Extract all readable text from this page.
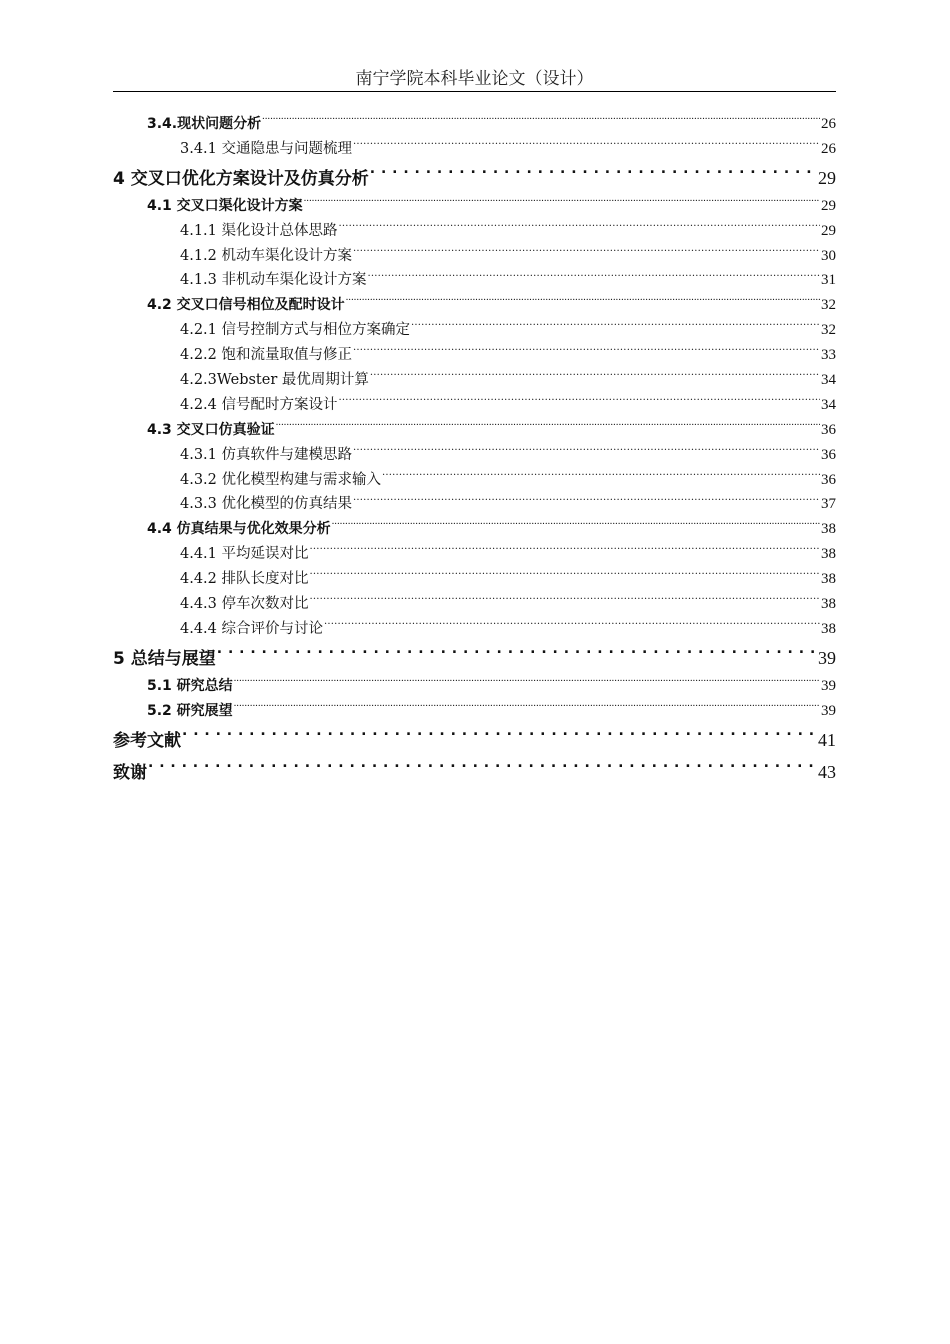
南宁学院本科毕业论文（设计）
3.4.现状问题分析 .....	26
3.4.1 交通隐患与问题梳理 .....	26
4 交叉口优化方案设计及仿真分析 . . .	29
4.1 交叉口渠化设计方案 .....	29
4.1.1 渠化设计总体思路 .....	29
4.1.2 机动车渠化设计方案 .....	30
4.1.3 非机动车渠化设计方案 .....	31
4.2 交叉口信号相位及配时设计 .....	32
4.2.1 信号控制方式与相位方案确定 .....	32
4.2.2 饱和流量取值与修正 .....	33
4.2.3Webster 最优周期计算 .....	34
4.2.4 信号配时方案设计 .....	34
4.3 交叉口仿真验证 .....	36
4.3.1 仿真软件与建模思路 .....	36
4.3.2 优化模型构建与需求输入 .....	36
4.3.3 优化模型的仿真结果 .....	37
4.4 仿真结果与优化效果分析 .....	38
4.4.1 平均延误对比 .....	38
4.4.2 排队长度对比 .....	38
4.4.3 停车次数对比 .....	38
4.4.4 综合评价与讨论 .....	38
5 总结与展望 . . .	39
5.1 研究总结 .....	39
5.2 研究展望 .....	39
参考文献 . . .	41
致谢 . . .	43
